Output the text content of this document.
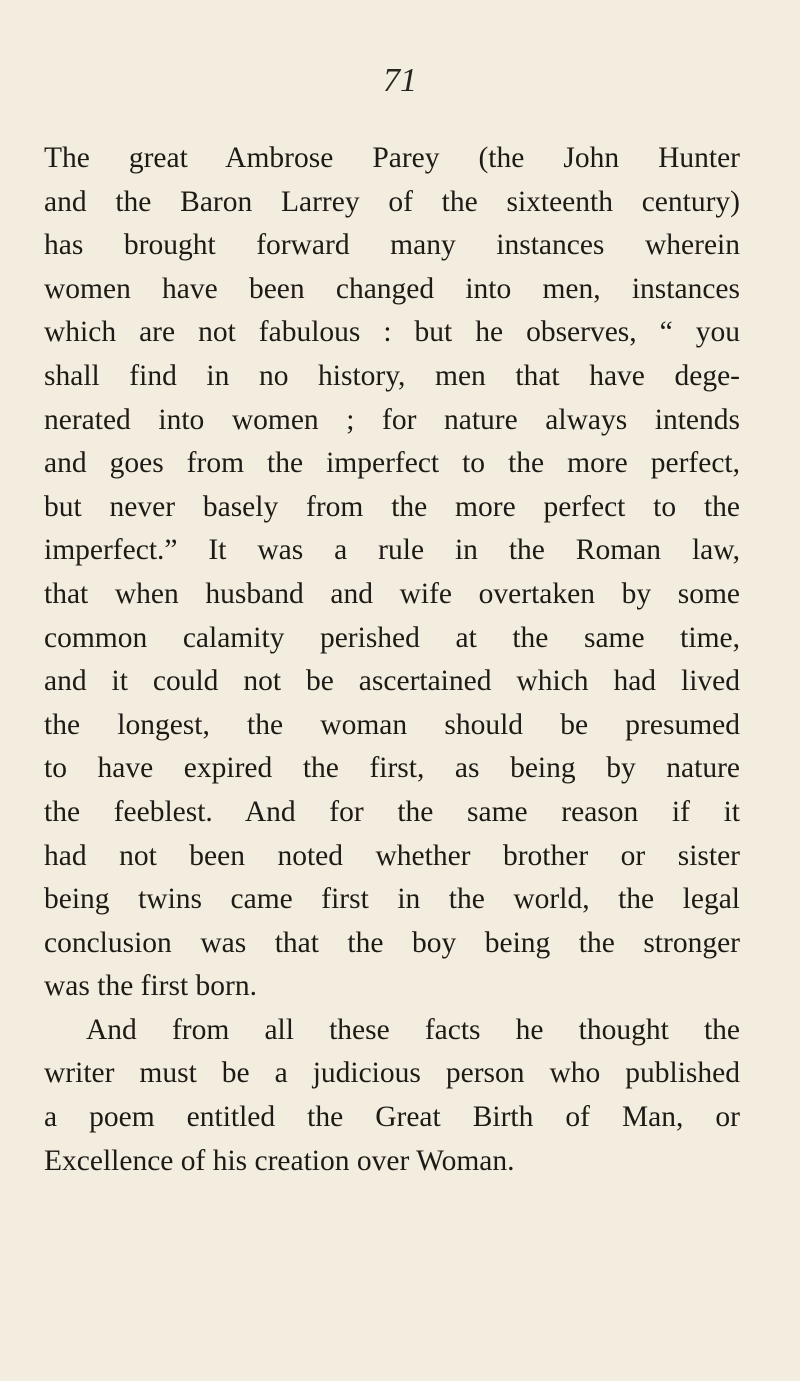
71
The great Ambrose Parey (the John Hunter
and the Baron Larrey of the sixteenth century)
has brought forward many instances wherein
women have been changed into men, instances
which are not fabulous : but he observes, “ you
shall find in no history, men that have dege-
nerated into women ; for nature always intends
and goes from the imperfect to the more perfect,
but never basely from the more perfect to the
imperfect.” It was a rule in the Roman law,
that when husband and wife overtaken by some
common calamity perished at the same time,
and it could not be ascertained which had lived
the longest, the woman should be presumed
to have expired the first, as being by nature
the feeblest. And for the same reason if it
had not been noted whether brother or sister
being twins came first in the world, the legal
conclusion was that the boy being the stronger
was the first born.
And from all these facts he thought the
writer must be a judicious person who published
a poem entitled the Great Birth of Man, or
Excellence of his creation over Woman.
